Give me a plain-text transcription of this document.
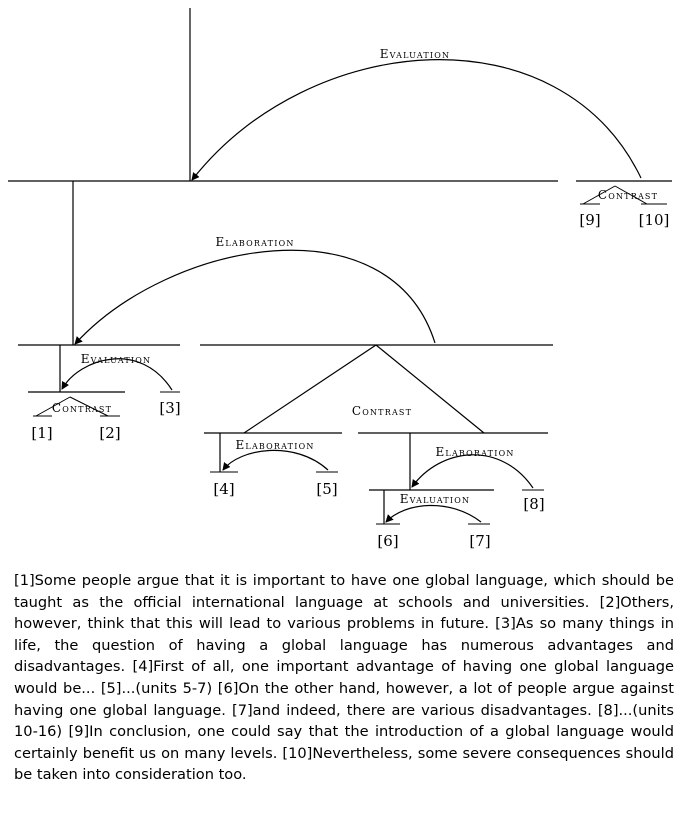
Evaluation
Contrast
[9]	[10]
Elaboration
Evaluation
[3]
Contrast
[1]	[2]
Contrast
Elaboration
[4]	[5]
Elaboration
[8]
Evaluation
[6]	[7]
[1]Some people argue that it is important to have one global language, which should be taught as the official international language at schools and universities. [2]Others, however, think that this will lead to various problems in future. [3]As so many things in life, the question of having a global language has numerous advantages and disadvantages. [4]First of all, one important advantage of having one global language would be... [5]...(units 5-7) [6]On the other hand, however, a lot of people argue against having one global language. [7]and indeed, there are various disadvantages. [8]...(units 10-16) [9]In conclusion, one could say that the introduction of a global language would certainly benefit us on many levels. [10]Nevertheless, some severe consequences should be taken into consideration too.
